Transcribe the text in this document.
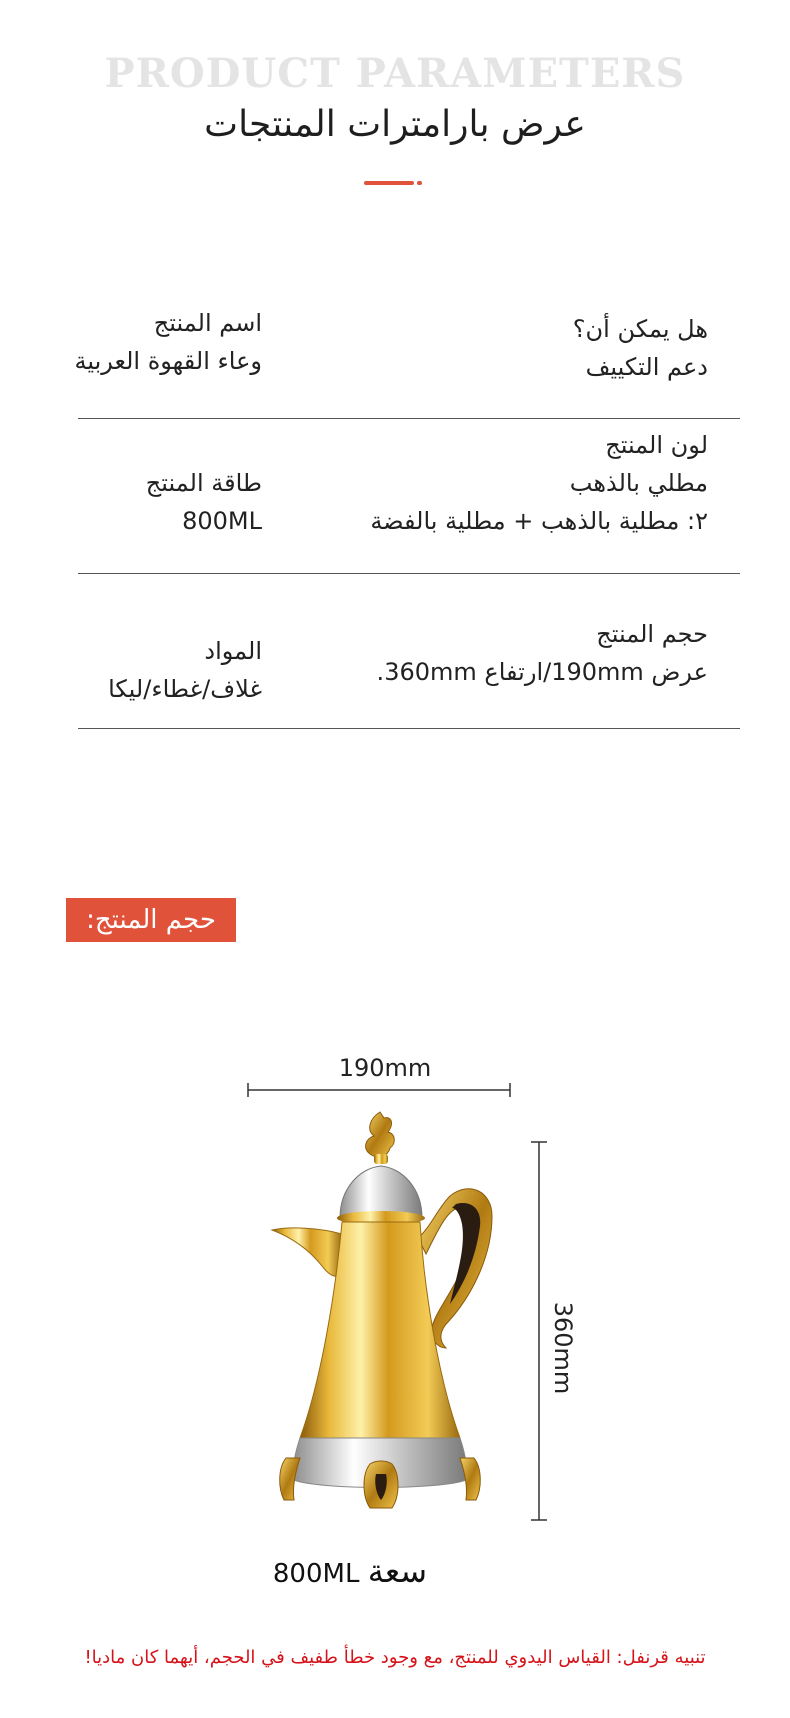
PRODUCT PARAMETERS
عرض بارامترات المنتجات
اسم المنتج
وعاء القهوة العربية
هل يمكن أن؟
دعم التكييف
طاقة المنتج
800ML
لون المنتج
مطلي بالذهب
٢: مطلية بالذهب + مطلية بالفضة
المواد
غلاف/غطاء/ليكا
حجم المنتج
عرض 190mm/ارتفاع 360mm.
حجم المنتج:
190mm
360mm
800ML سعة
تنبيه قرنفل: القياس اليدوي للمنتج، مع وجود خطأ طفيف في الحجم، أيهما كان ماديا!
